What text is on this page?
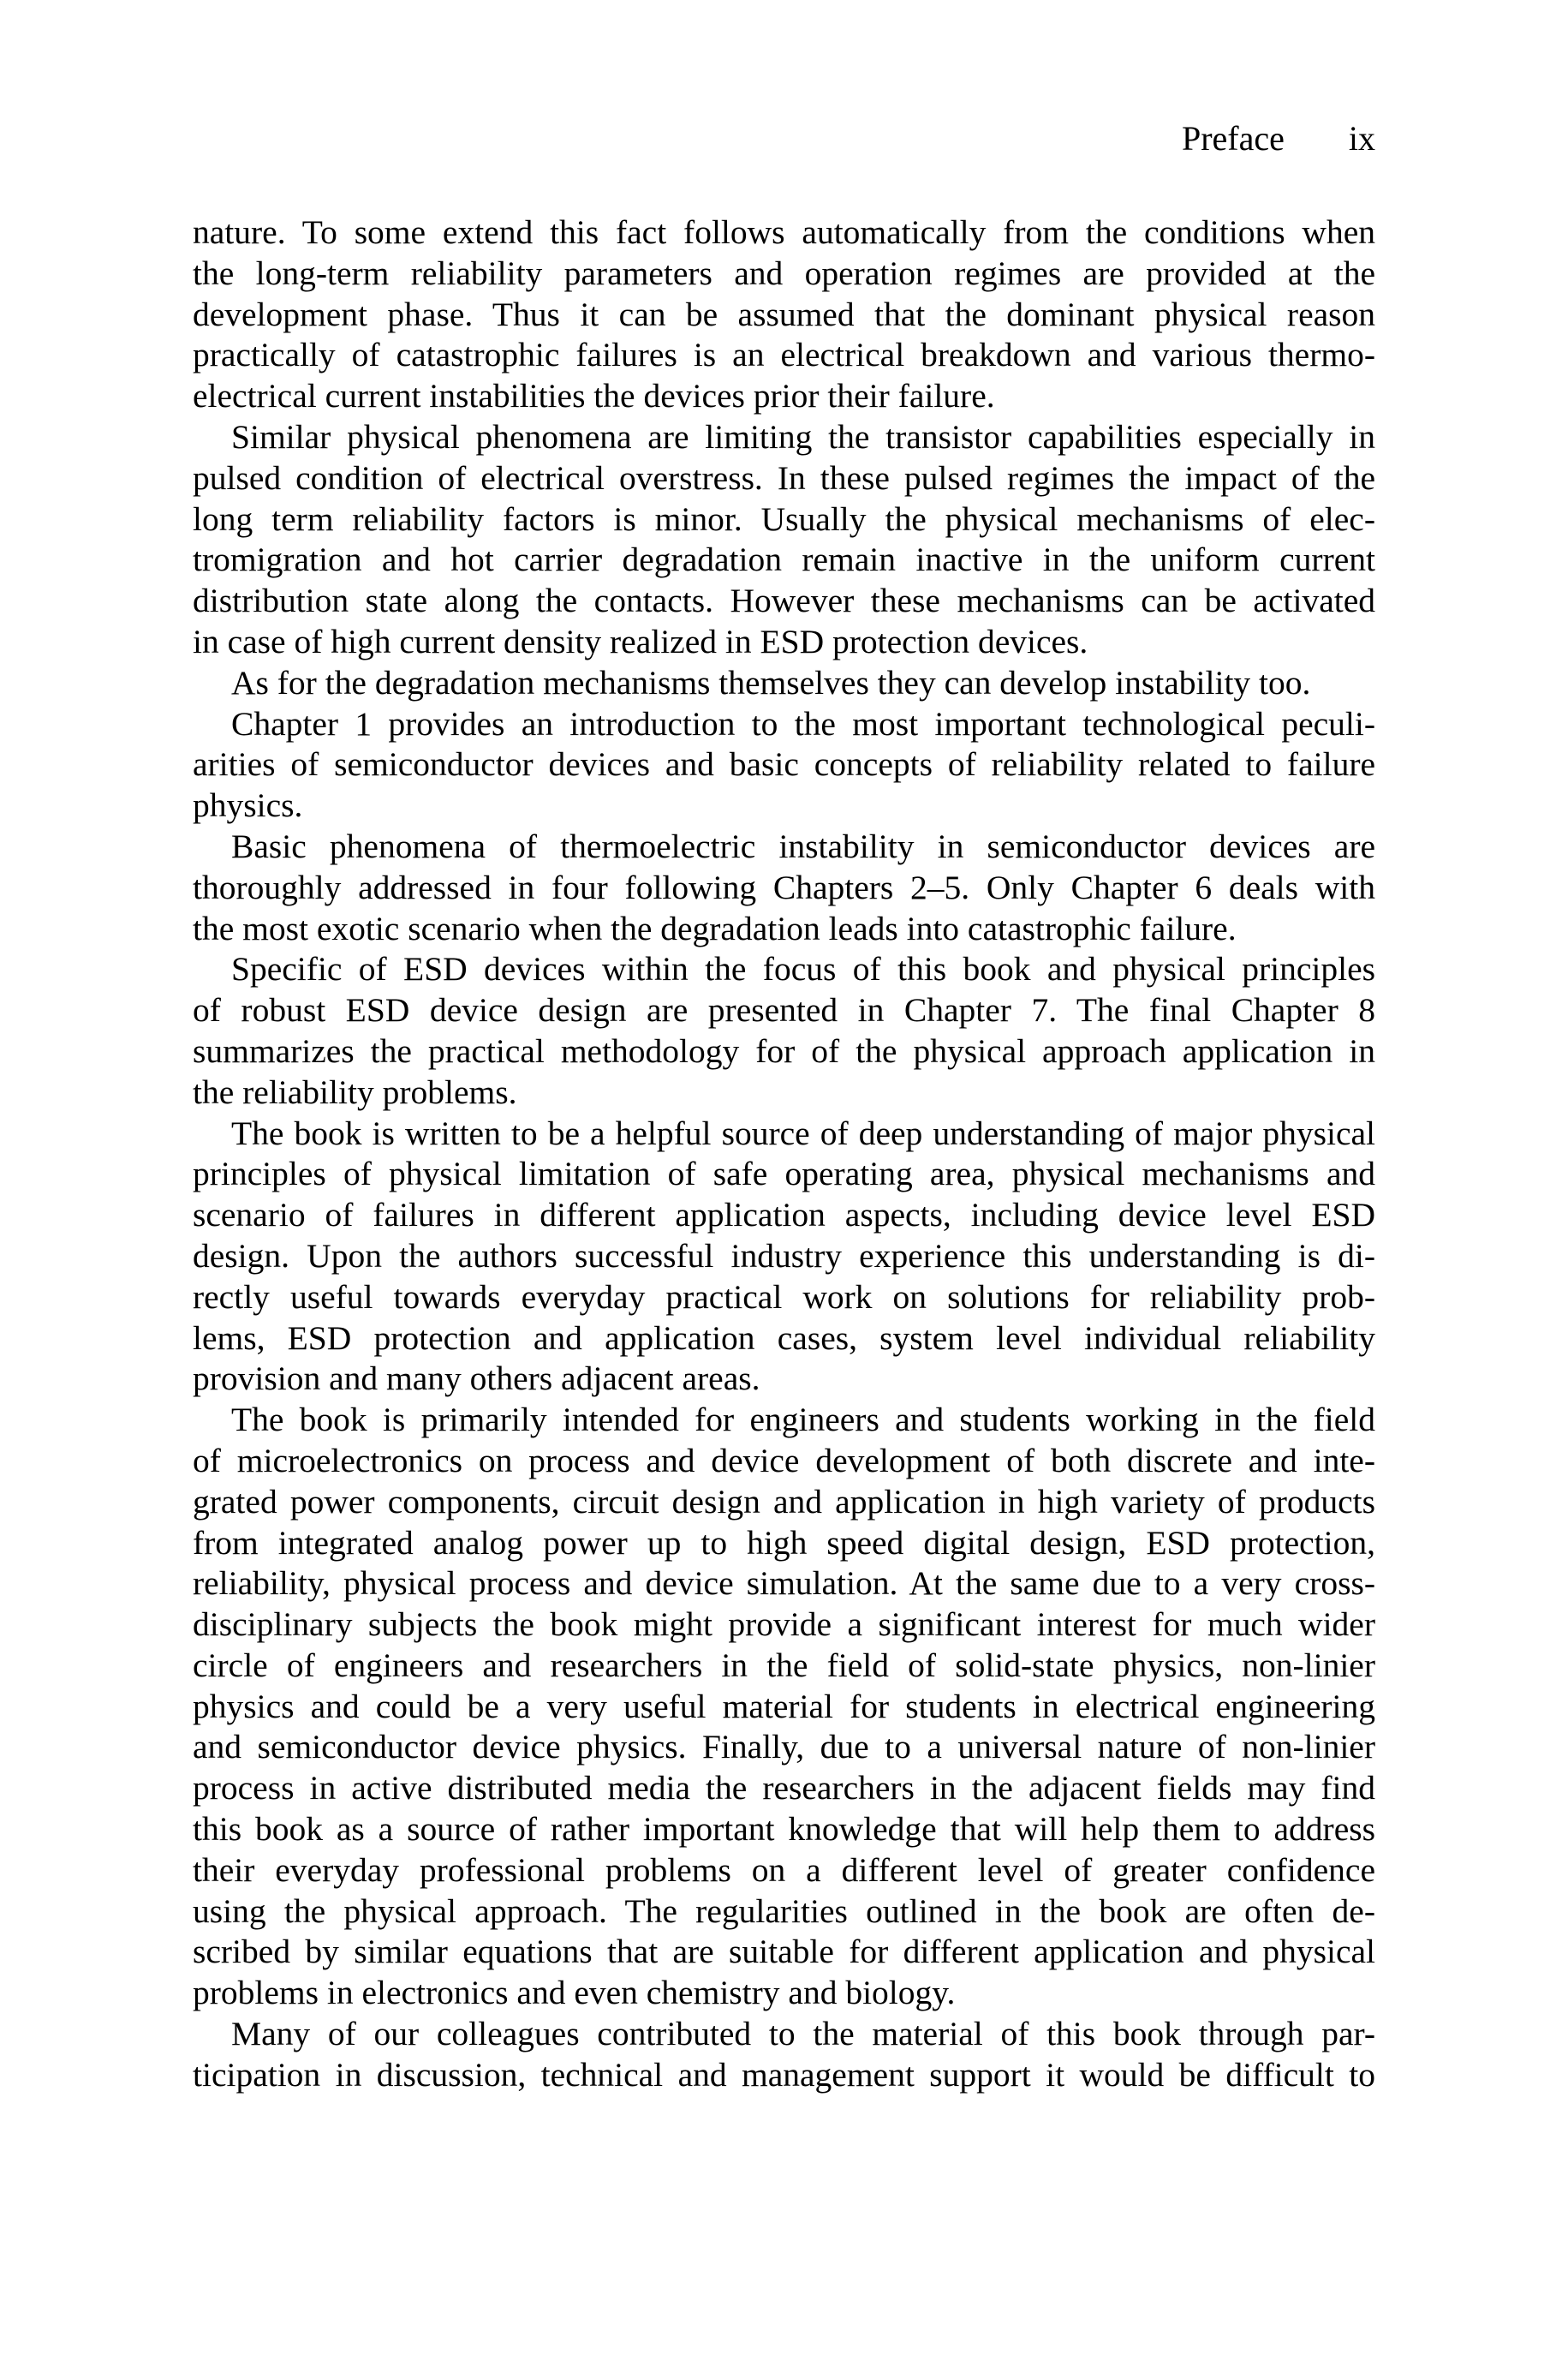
Preface ix
nature. To some extend this fact follows automatically from the conditions when
the long-term reliability parameters and operation regimes are provided at the
development phase. Thus it can be assumed that the dominant physical reason
practically of catastrophic failures is an electrical breakdown and various thermo-
electrical current instabilities the devices prior their failure.
Similar physical phenomena are limiting the transistor capabilities especially in
pulsed condition of electrical overstress. In these pulsed regimes the impact of the
long term reliability factors is minor. Usually the physical mechanisms of elec-
tromigration and hot carrier degradation remain inactive in the uniform current
distribution state along the contacts. However these mechanisms can be activated
in case of high current density realized in ESD protection devices.
As for the degradation mechanisms themselves they can develop instability too.
Chapter 1 provides an introduction to the most important technological peculi-
arities of semiconductor devices and basic concepts of reliability related to failure
physics.
Basic phenomena of thermoelectric instability in semiconductor devices are
thoroughly addressed in four following Chapters 2–5. Only Chapter 6 deals with
the most exotic scenario when the degradation leads into catastrophic failure.
Specific of ESD devices within the focus of this book and physical principles
of robust ESD device design are presented in Chapter 7. The final Chapter 8
summarizes the practical methodology for of the physical approach application in
the reliability problems.
The book is written to be a helpful source of deep understanding of major physical
principles of physical limitation of safe operating area, physical mechanisms and
scenario of failures in different application aspects, including device level ESD
design. Upon the authors successful industry experience this understanding is di-
rectly useful towards everyday practical work on solutions for reliability prob-
lems, ESD protection and application cases, system level individual reliability
provision and many others adjacent areas.
The book is primarily intended for engineers and students working in the field
of microelectronics on process and device development of both discrete and inte-
grated power components, circuit design and application in high variety of products
from integrated analog power up to high speed digital design, ESD protection,
reliability, physical process and device simulation. At the same due to a very cross-
disciplinary subjects the book might provide a significant interest for much wider
circle of engineers and researchers in the field of solid-state physics, non-linier
physics and could be a very useful material for students in electrical engineering
and semiconductor device physics. Finally, due to a universal nature of non-linier
process in active distributed media the researchers in the adjacent fields may find
this book as a source of rather important knowledge that will help them to address
their everyday professional problems on a different level of greater confidence
using the physical approach. The regularities outlined in the book are often de-
scribed by similar equations that are suitable for different application and physical
problems in electronics and even chemistry and biology.
Many of our colleagues contributed to the material of this book through par-
ticipation in discussion, technical and management support it would be difficult to
